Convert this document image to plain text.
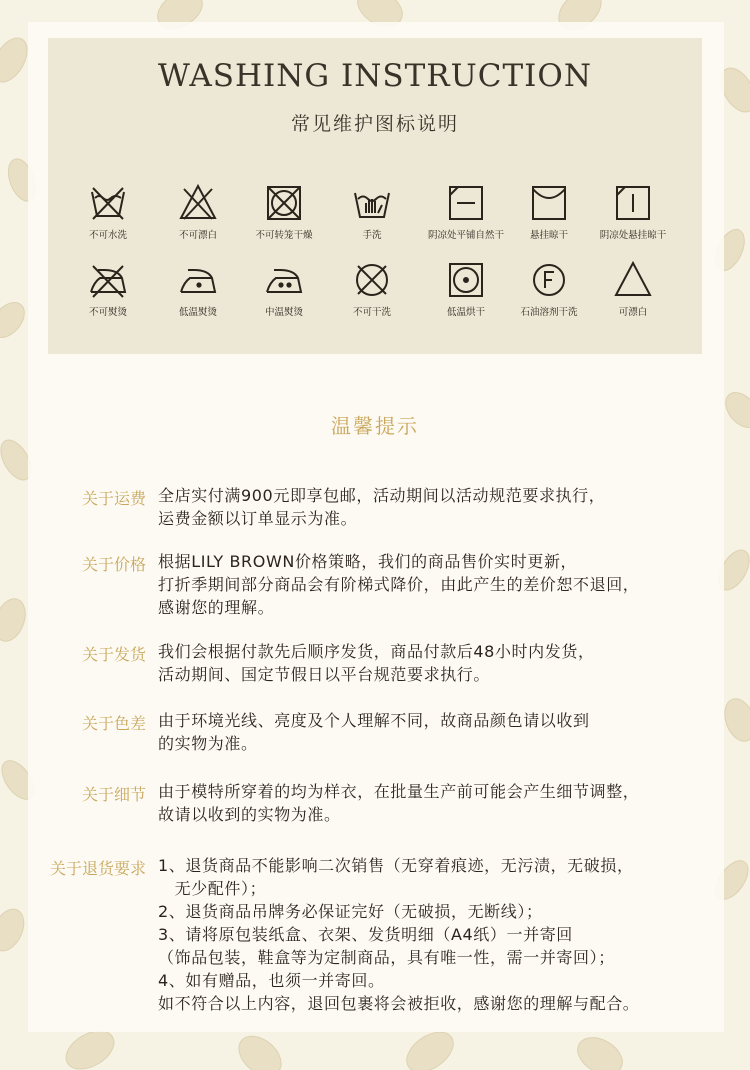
WASHING INSTRUCTION
常见维护图标说明
不可水洗	不可漂白	不可转笼干燥	手洗	阴凉处平铺自然干	悬挂晾干	阴凉处悬挂晾干
不可熨烫	低温熨烫	中温熨烫	不可干洗	低温烘干	石油溶剂干洗	可漂白
温馨提示
关于运费 全店实付满900元即享包邮，活动期间以活动规范要求执行，
运费金额以订单显示为准。
关于价格 根据LILY BROWN价格策略，我们的商品售价实时更新，
打折季期间部分商品会有阶梯式降价，由此产生的差价恕不退回，
感谢您的理解。
关于发货 我们会根据付款先后顺序发货，商品付款后48小时内发货，
活动期间、国定节假日以平台规范要求执行。
关于色差 由于环境光线、亮度及个人理解不同，故商品颜色请以收到
的实物为准。
关于细节 由于模特所穿着的均为样衣，在批量生产前可能会产生细节调整，
故请以收到的实物为准。
关于退货要求 1、退货商品不能影响二次销售（无穿着痕迹，无污渍，无破损，
　无少配件）；
2、退货商品吊牌务必保证完好（无破损，无断线）；
3、请将原包装纸盒、衣架、发货明细（A4纸）一并寄回
（饰品包装，鞋盒等为定制商品，具有唯一性，需一并寄回）；
4、如有赠品，也须一并寄回。
如不符合以上内容，退回包裹将会被拒收，感谢您的理解与配合。
